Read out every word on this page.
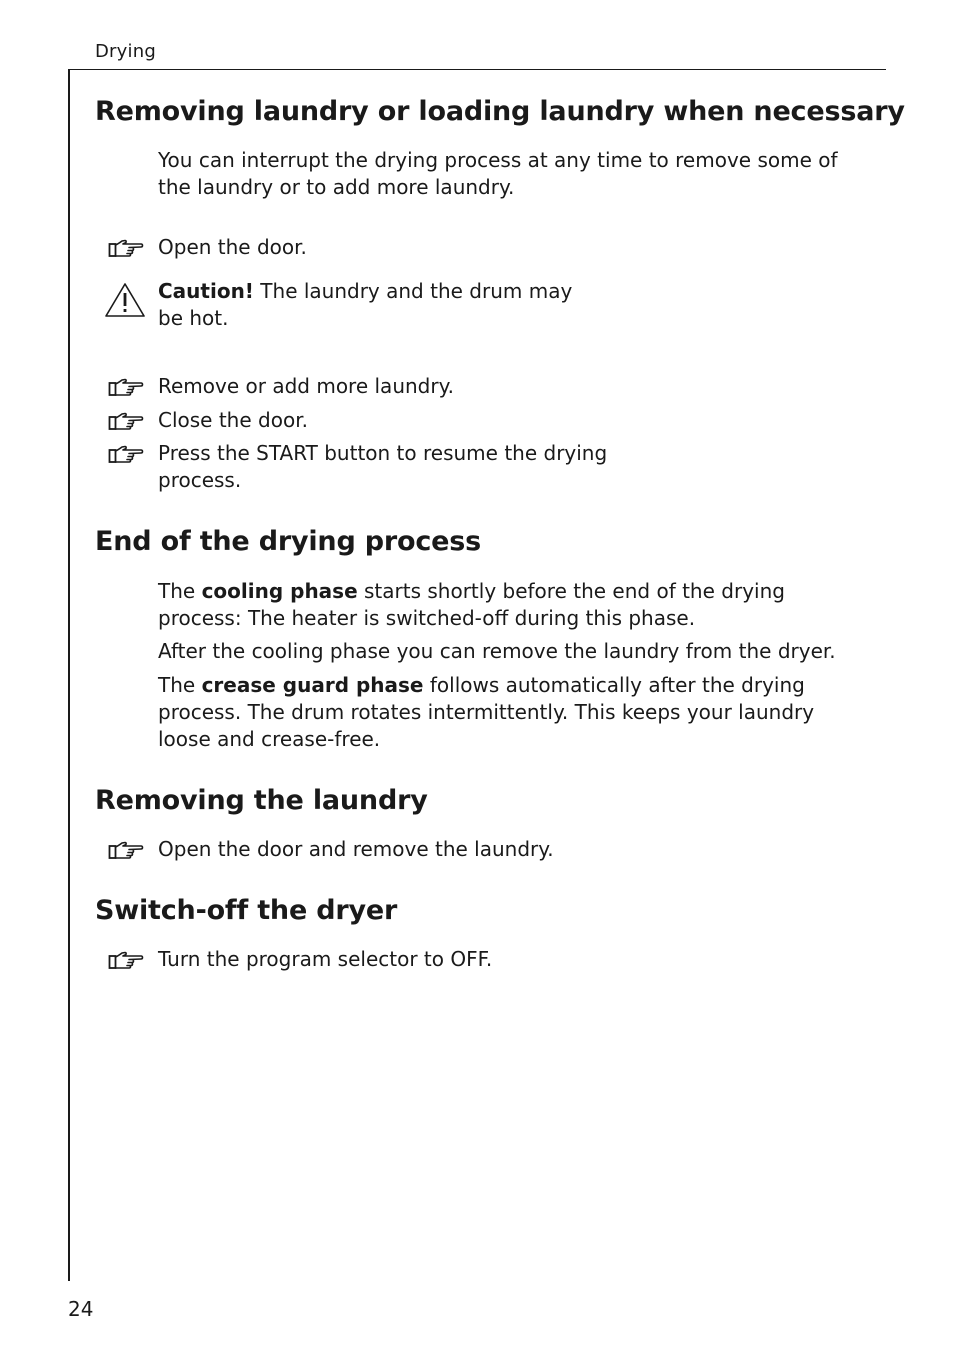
Drying
Removing laundry or loading laundry when necessary

You can interrupt the drying process at any time to remove some of the laundry or to add more laundry.

Open the door.

Caution! The laundry and the drum may be hot.

Remove or add more laundry.

Close the door.

Press the START button to resume the drying process.

End of the drying process

The cooling phase starts shortly before the end of the drying process: The heater is switched-off during this phase.

After the cooling phase you can remove the laundry from the dryer.

The crease guard phase follows automatically after the drying process. The drum rotates intermittently. This keeps your laundry loose and crease-free.

Removing the laundry

Open the door and remove the laundry.

Switch-off the dryer

Turn the program selector to OFF.

24
